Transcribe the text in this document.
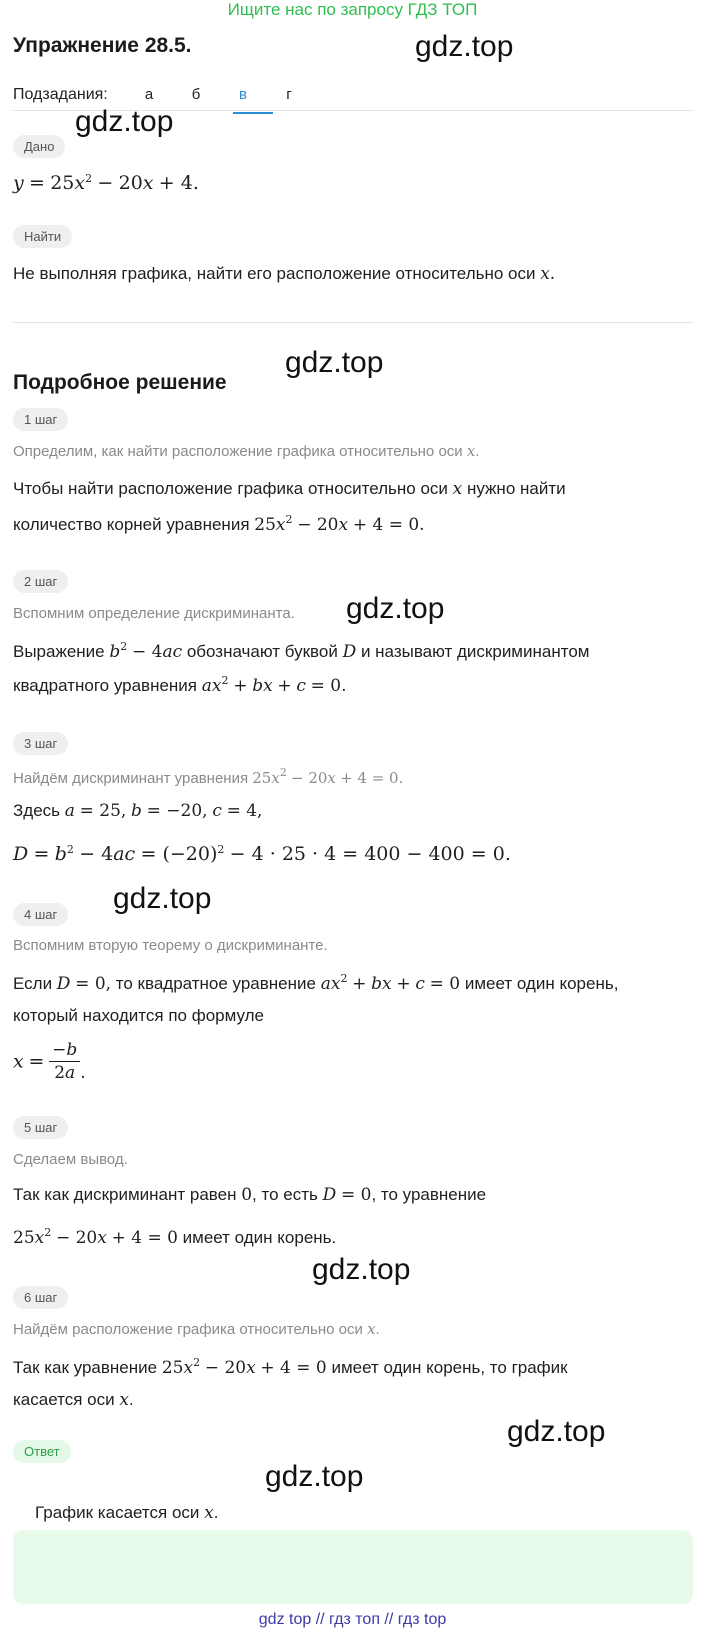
Ищите нас по запросу ГДЗ ТОП
Упражнение 28.5.	gdz.top
Подзадания:	а	б	в	г
gdz.top
Дано
$y = 25x^2 - 20x + 4$.
Найти
Не выполняя графика, найти его расположение относительно оси x.
Подробное решение
gdz.top
1 шаг
Определим, как найти расположение графика относительно оси x.
Чтобы найти расположение графика относительно оси x нужно найти
количество корней уравнения $25x^2 - 20x + 4 = 0$.
2 шаг
Вспомним определение дискриминанта. gdz.top
Выражение $b^2 - 4ac$ обозначают буквой D и называют дискриминантом
квадратного уравнения $ax^2$ + bx + c = 0.
3 шаг
Найдём дискриминант уравнения $25x^2 - 20x + 4 = 0$.
Здесь a = 25, b = −20, c = 4,
$D = b^2 - 4ac = (-20)^2 - 4 \cdot 25 \cdot 4 = 400 - 400 = 0$.
gdz.top
4 шаг
Вспомним вторую теорему о дискриминанте.
Если D = 0, то квадратное уравнение $ax^2$ + bx + c = 0 имеет один корень,
который находится по формуле
$x = \frac{-b}{2a}$ .
5 шаг
Сделаем вывод.
Так как дискриминант равен 0, то есть D = 0, то уравнение
$25x^2 - 20x + 4 = 0$ имеет один корень.
gdz.top
6 шаг
Найдём расположение графика относительно оси x.
Так как уравнение $25x^2 - 20x + 4 = 0$ имеет один корень, то график
касается оси x.
gdz.top
Ответ
gdz.top
График касается оси x.
gdz top // гдз топ // гдз top
